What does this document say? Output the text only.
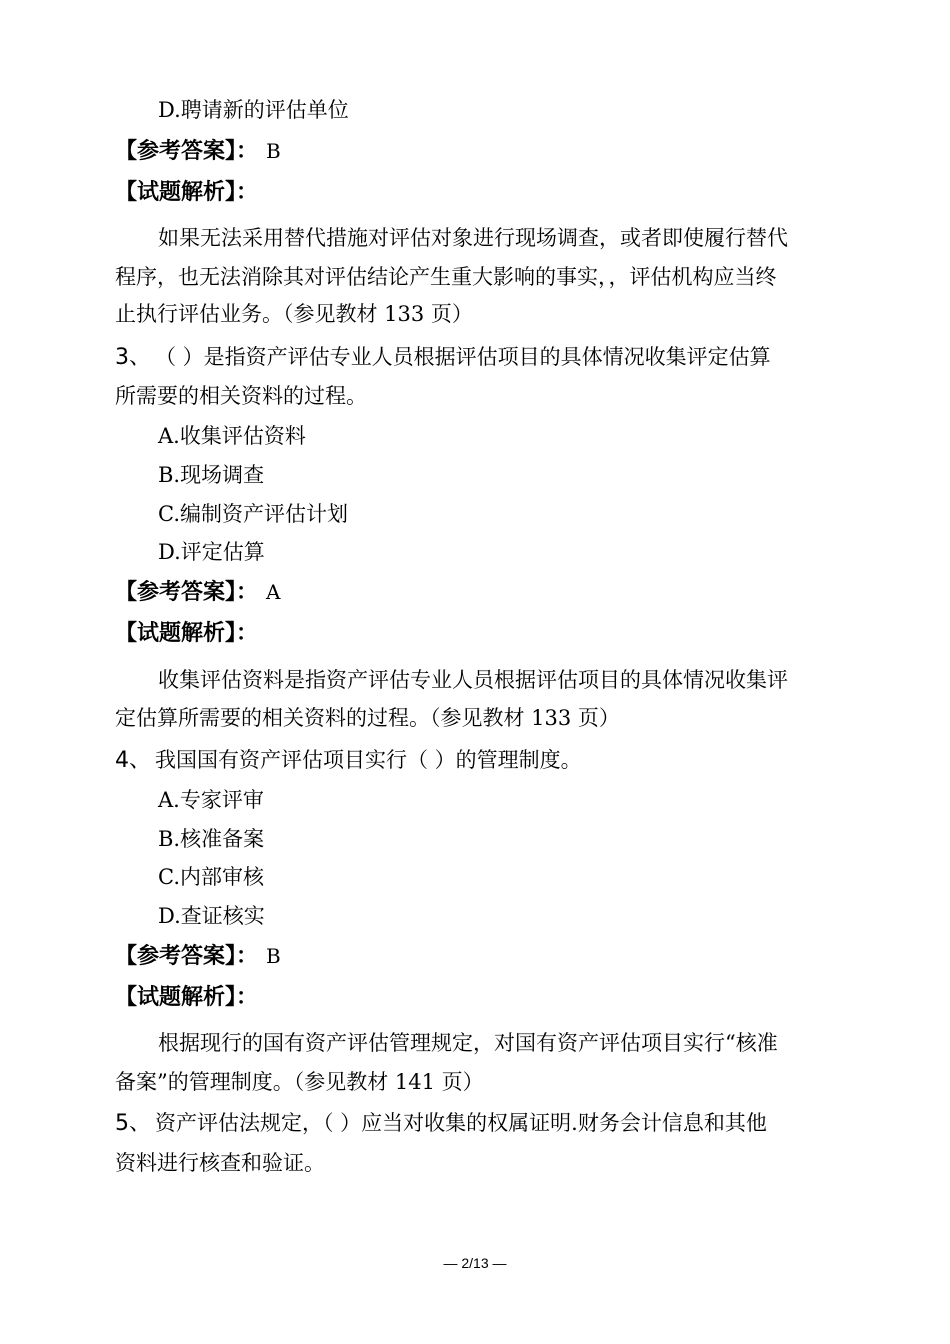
D.聘请新的评估单位
【参考答案】： B
【试题解析】：
如果无法采用替代措施对评估对象进行现场调查，或者即使履行替代
程序，也无法消除其对评估结论产生重大影响的事实，，评估机构应当终
止执行评估业务。（参见教材 133 页）
3、 （ ）是指资产评估专业人员根据评估项目的具体情况收集评定估算
所需要的相关资料的过程。
A.收集评估资料
B.现场调查
C.编制资产评估计划
D.评定估算
【参考答案】： A
【试题解析】：
收集评估资料是指资产评估专业人员根据评估项目的具体情况收集评
定估算所需要的相关资料的过程。（参见教材 133 页）
4、 我国国有资产评估项目实行（ ）的管理制度。
A.专家评审
B.核准备案
C.内部审核
D.查证核实
【参考答案】： B
【试题解析】：
根据现行的国有资产评估管理规定，对国有资产评估项目实行“核准
备案”的管理制度。（参见教材 141 页）
5、 资产评估法规定，（ ）应当对收集的权属证明.财务会计信息和其他
资料进行核查和验证。
— 2/13 —
